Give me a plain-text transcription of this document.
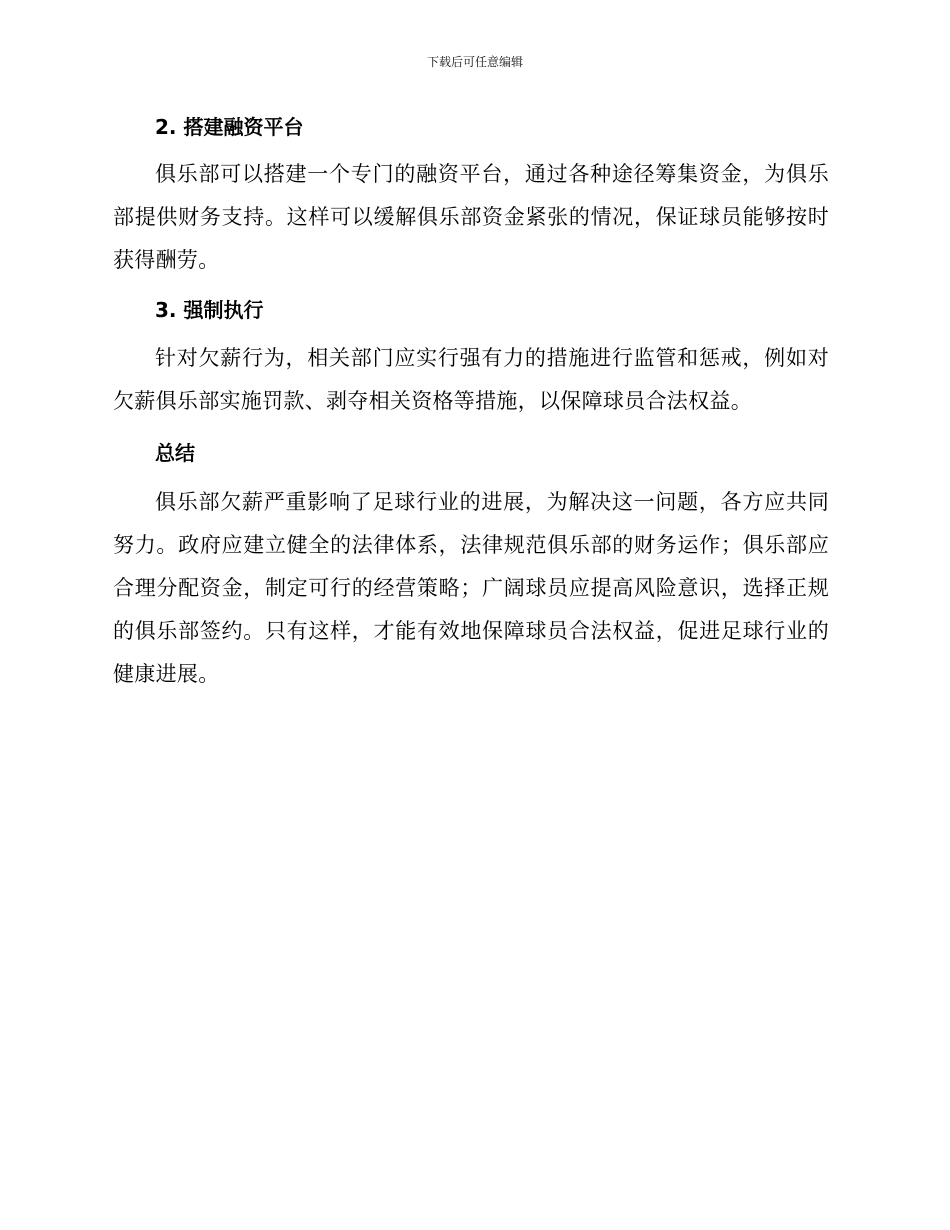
下载后可任意编辑
2. 搭建融资平台

俱乐部可以搭建一个专门的融资平台，通过各种途径筹集资金，为俱乐部提供财务支持。这样可以缓解俱乐部资金紧张的情况，保证球员能够按时获得酬劳。

3. 强制执行

针对欠薪行为，相关部门应实行强有力的措施进行监管和惩戒，例如对欠薪俱乐部实施罚款、剥夺相关资格等措施，以保障球员合法权益。

总结

俱乐部欠薪严重影响了足球行业的进展，为解决这一问题，各方应共同努力。政府应建立健全的法律体系，法律规范俱乐部的财务运作；俱乐部应合理分配资金，制定可行的经营策略；广阔球员应提高风险意识，选择正规的俱乐部签约。只有这样，才能有效地保障球员合法权益，促进足球行业的健康进展。
